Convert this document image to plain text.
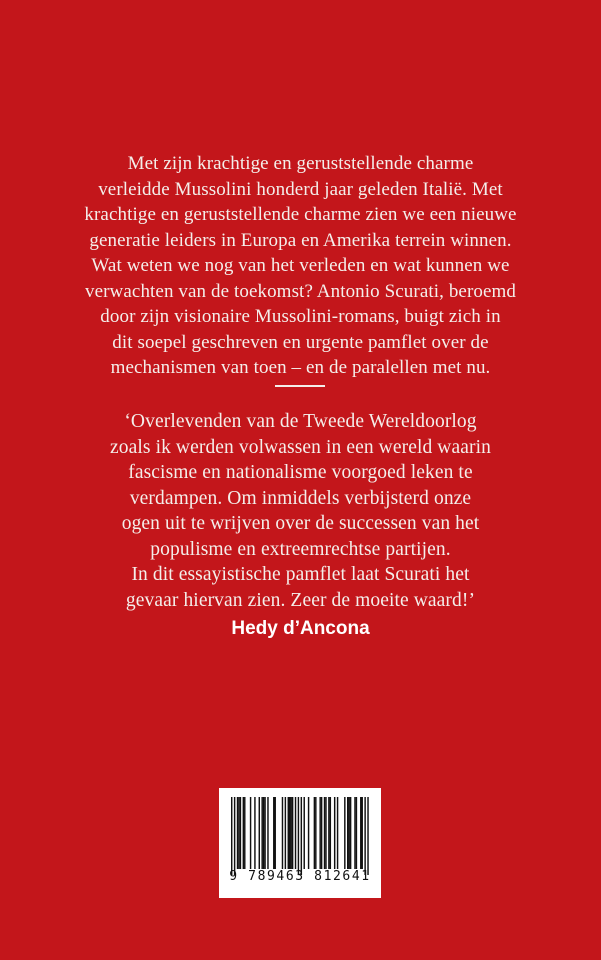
Met zijn krachtige en geruststellende charme
verleidde Mussolini honderd jaar geleden Italië. Met
krachtige en geruststellende charme zien we een nieuwe
generatie leiders in Europa en Amerika terrein winnen.
Wat weten we nog van het verleden en wat kunnen we
verwachten van de toekomst? Antonio Scurati, beroemd
door zijn visionaire Mussolini-romans, buigt zich in
dit soepel geschreven en urgente pamflet over de
mechanismen van toen – en de paralellen met nu.
‘Overlevenden van de Tweede Wereldoorlog
zoals ik werden volwassen in een wereld waarin
fascisme en nationalisme voorgoed leken te
verdampen. Om inmiddels verbijsterd onze
ogen uit te wrijven over de successen van het
populisme en extreemrechtse partijen.
In dit essayistische pamflet laat Scurati het
gevaar hiervan zien. Zeer de moeite waard!’
Hedy d’Ancona
9 789463 812641
